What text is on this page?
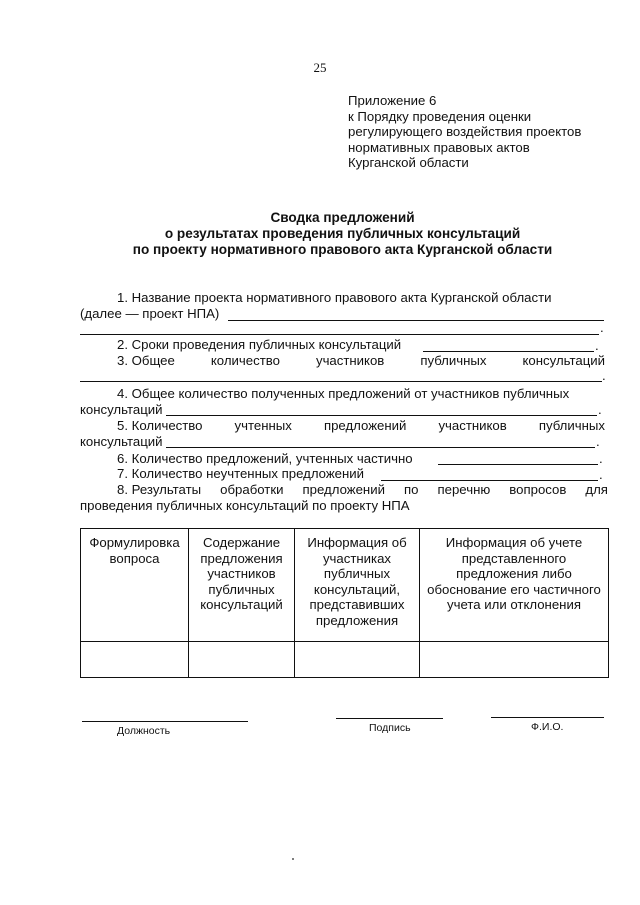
25
Приложение 6
к Порядку проведения оценки
регулирующего воздействия проектов
нормативных правовых актов
Курганской области
Сводка предложений
о результатах проведения публичных консультаций
по проекту нормативного правового акта Курганской области
1. Название проекта нормативного правового акта Курганской области
(далее — проект НПА)
.
2. Сроки проведения публичных консультаций	.
3. Общее	количество	участников	публичных	консультаций
.
4. Общее количество полученных предложений от участников публичных
консультаций	.
5. Количество учтенных предложений участников публичных
консультаций	.
6. Количество предложений, учтенных частично	.
7. Количество неучтенных предложений	.
8. Результаты обработки предложений по перечню вопросов для
проведения публичных консультаций по проекту НПА
Формулировка вопроса	Содержание предложения участников публичных консультаций	Информация об участниках публичных консультаций, представивших предложения	Информация об учете представленного предложения либо обоснование его частичного учета или отклонения

Должность	Подпись	Ф.И.О.
